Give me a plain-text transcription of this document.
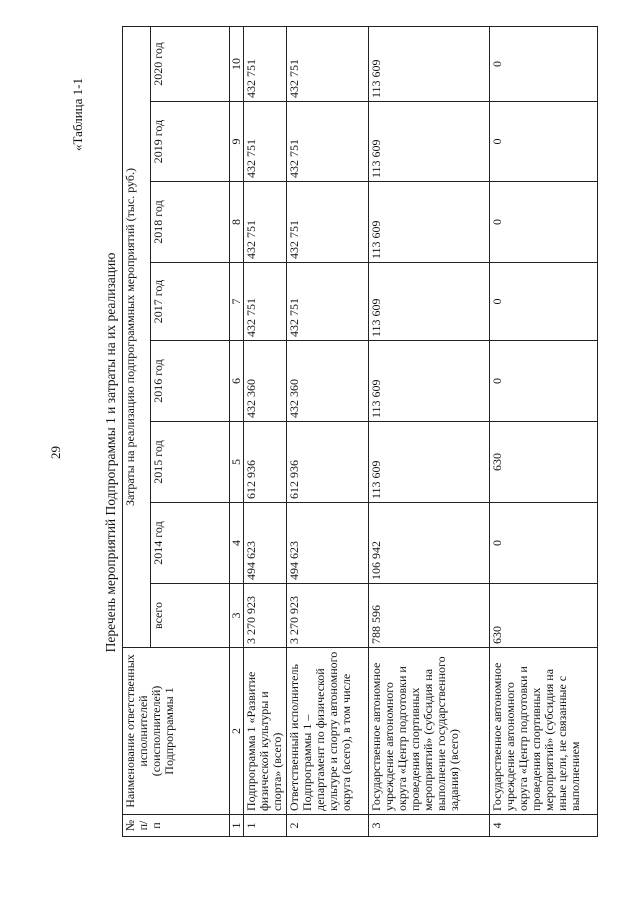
29
«Таблица 1-1
Перечень мероприятий Подпрограммы 1 и затраты на их реализацию
№ п/п	Наименование ответственных исполнителей (соисполнителей) Подпрограммы 1	Затраты на реализацию подпрограммных мероприятий (тыс. руб.)							
		всего	2014 год	2015 год	2016 год	2017 год	2018 год	2019 год	2020 год
1	2	3	4	5	6	7	8	9	10
1	Подпрограмма 1 «Развитие физической культуры и спорта» (всего)	3 270 923	494 623	612 936	432 360	432 751	432 751	432 751	432 751
2	Ответственный исполнитель Подпрограммы 1 – департамент по физической культуре и спорту автономного округа (всего), в том числе	3 270 923	494 623	612 936	432 360	432 751	432 751	432 751	432 751
3	Государственное автономное учреждение автономного округа «Центр подготовки и проведения спортивных мероприятий» (субсидия на выполнение государственного задания) (всего)	788 596	106 942	113 609	113 609	113 609	113 609	113 609	113 609
4	Государственное автономное учреждение автономного округа «Центр подготовки и проведения спортивных мероприятий» (субсидия на иные цели, не связанные с выполнением	630	0	630	0	0	0	0	0
